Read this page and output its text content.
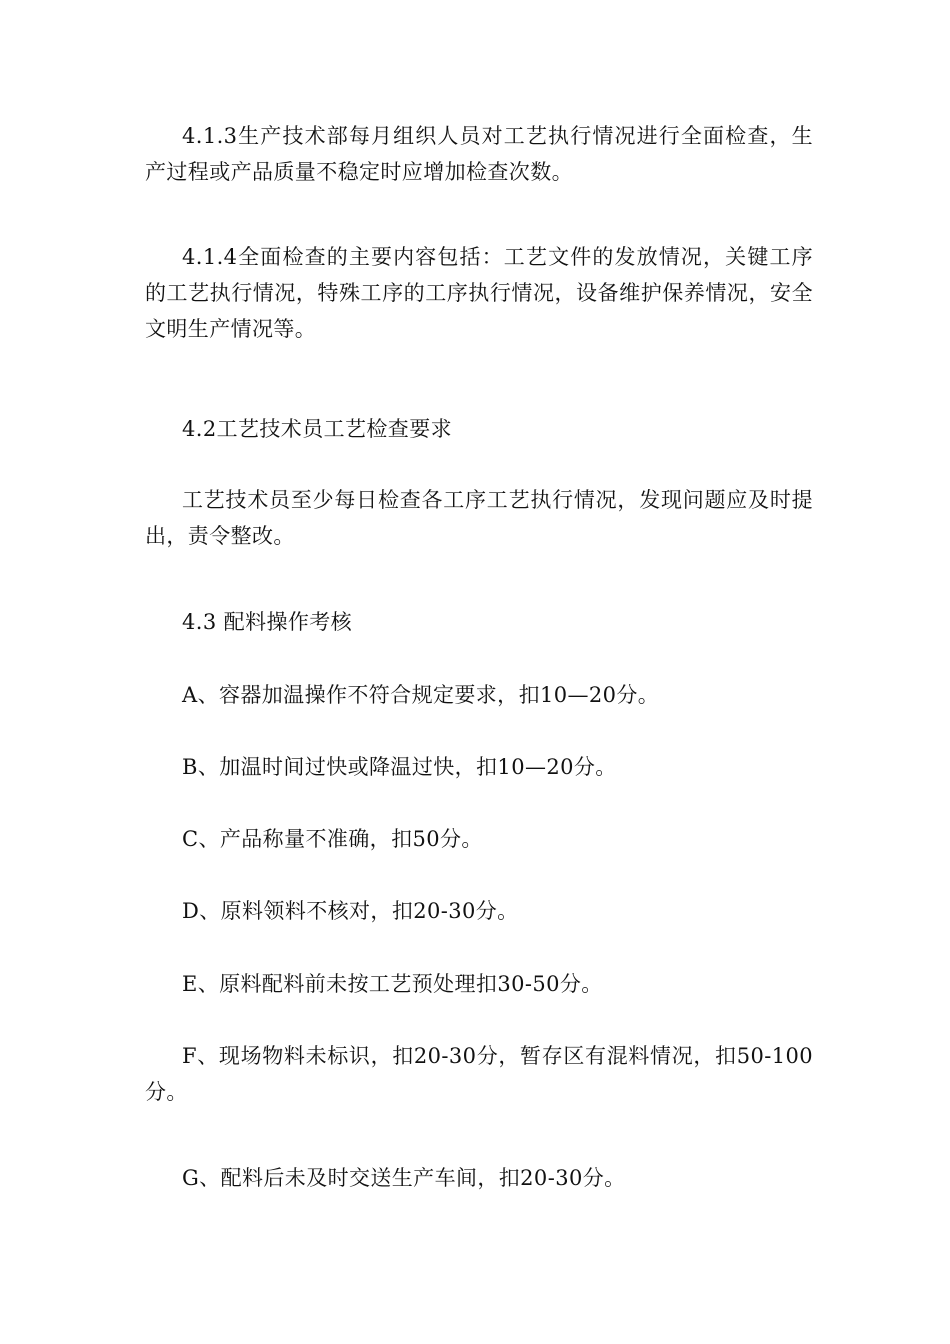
4.1.3生产技术部每月组织人员对工艺执行情况进行全面检查，生产过程或产品质量不稳定时应增加检查次数。

4.1.4全面检查的主要内容包括：工艺文件的发放情况，关键工序的工艺执行情况，特殊工序的工序执行情况，设备维护保养情况，安全文明生产情况等。

4.2工艺技术员工艺检查要求

工艺技术员至少每日检查各工序工艺执行情况，发现问题应及时提出，责令整改。

4.3 配料操作考核

A、容器加温操作不符合规定要求，扣10—20分。

B、加温时间过快或降温过快，扣10—20分。

C、产品称量不准确，扣50分。

D、原料领料不核对，扣20-30分。

E、原料配料前未按工艺预处理扣30-50分。

F、现场物料未标识，扣20-30分，暂存区有混料情况，扣50-100分。

G、配料后未及时交送生产车间，扣20-30分。
